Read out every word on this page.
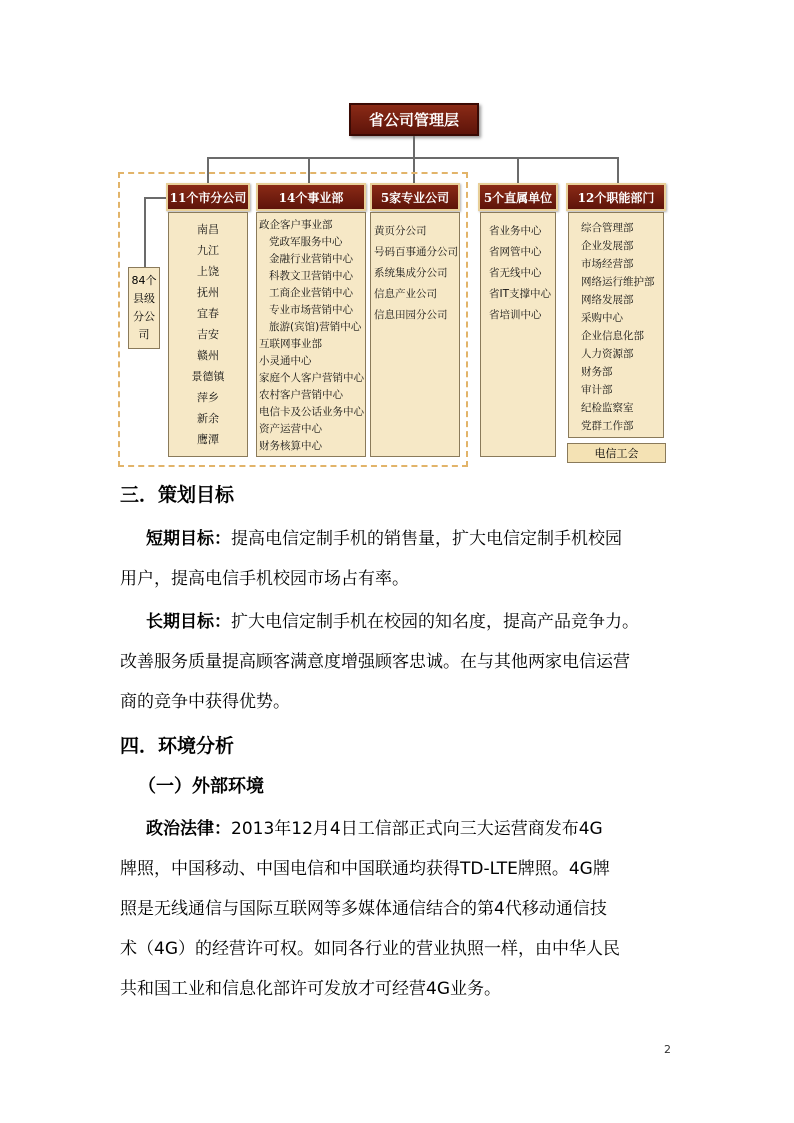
省公司管理层
11个市分公司	14个事业部	5家专业公司	5个直属单位	12个职能部门
南昌
九江
上饶
抚州
宜春
吉安
赣州
景德镇
萍乡
新余
鹰潭
政企客户事业部
党政军服务中心
金融行业营销中心
科教文卫营销中心
工商企业营销中心
专业市场营销中心
旅游(宾馆)营销中心
互联网事业部
小灵通中心
家庭个人客户营销中心
农村客户营销中心
电信卡及公话业务中心
资产运营中心
财务核算中心
黄页分公司
号码百事通分公司
系统集成分公司
信息产业公司
信息田园分公司
省业务中心
省网管中心
省无线中心
省IT支撑中心
省培训中心
综合管理部
企业发展部
市场经营部
网络运行维护部
网络发展部
采购中心
企业信息化部
人力资源部
财务部
审计部
纪检监察室
党群工作部
电信工会
84个
县级
分公
司
三．策划目标
短期目标：提高电信定制手机的销售量，扩大电信定制手机校园
用户，提高电信手机校园市场占有率。
长期目标：扩大电信定制手机在校园的知名度，提高产品竞争力。
改善服务质量提高顾客满意度增强顾客忠诚。在与其他两家电信运营
商的竞争中获得优势。
四．环境分析
（一）外部环境
政治法律：2013年12月4日工信部正式向三大运营商发布4G
牌照，中国移动、中国电信和中国联通均获得TD-LTE牌照。4G牌
照是无线通信与国际互联网等多媒体通信结合的第4代移动通信技
术（4G）的经营许可权。如同各行业的营业执照一样，由中华人民
共和国工业和信息化部许可发放才可经营4G业务。
2
